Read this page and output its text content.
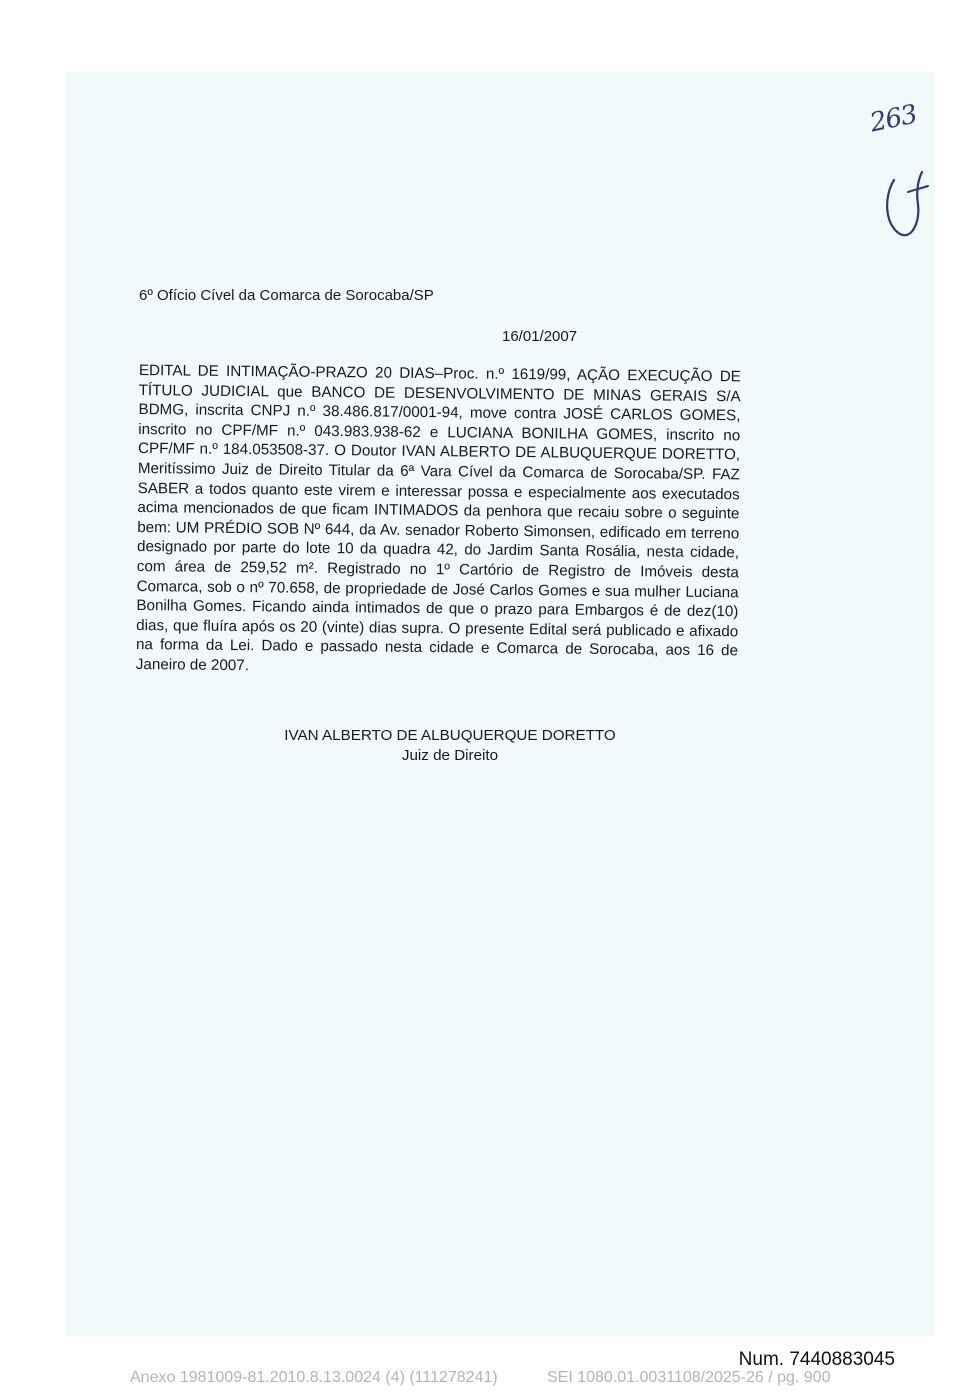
263
6º Ofício Cível da Comarca de Sorocaba/SP
16/01/2007

EDITAL DE INTIMAÇÃO-PRAZO 20 DIAS–Proc. n.º 1619/99, AÇÃO EXECUÇÃO DE TÍTULO JUDICIAL que BANCO DE DESENVOLVIMENTO DE MINAS GERAIS S/A BDMG, inscrita CNPJ n.º 38.486.817/0001-94, move contra JOSÉ CARLOS GOMES, inscrito no CPF/MF n.º 043.983.938-62 e LUCIANA BONILHA GOMES, inscrito no CPF/MF n.º 184.053508-37. O Doutor IVAN ALBERTO DE ALBUQUERQUE DORETTO, Meritíssimo Juiz de Direito Titular da 6ª Vara Cível da Comarca de Sorocaba/SP. FAZ SABER a todos quanto este virem e interessar possa e especialmente aos executados acima mencionados de que ficam INTIMADOS da penhora que recaiu sobre o seguinte bem: UM PRÉDIO SOB Nº 644, da Av. senador Roberto Simonsen, edificado em terreno designado por parte do lote 10 da quadra 42, do Jardim Santa Rosália, nesta cidade, com área de 259,52 m². Registrado no 1º Cartório de Registro de Imóveis desta Comarca, sob o nº 70.658, de propriedade de José Carlos Gomes e sua mulher Luciana Bonilha Gomes. Ficando ainda intimados de que o prazo para Embargos é de dez(10) dias, que fluíra após os 20 (vinte) dias supra. O presente Edital será publicado e afixado na forma da Lei. Dado e passado nesta cidade e Comarca de Sorocaba, aos 16 de Janeiro de 2007.

IVAN ALBERTO DE ALBUQUERQUE DORETTO
Juiz de Direito
Num. 7440883045
Anexo 1981009-81.2010.8.13.0024 (4) (111278241)	SEI 1080.01.0031108/2025-26 / pg. 900
